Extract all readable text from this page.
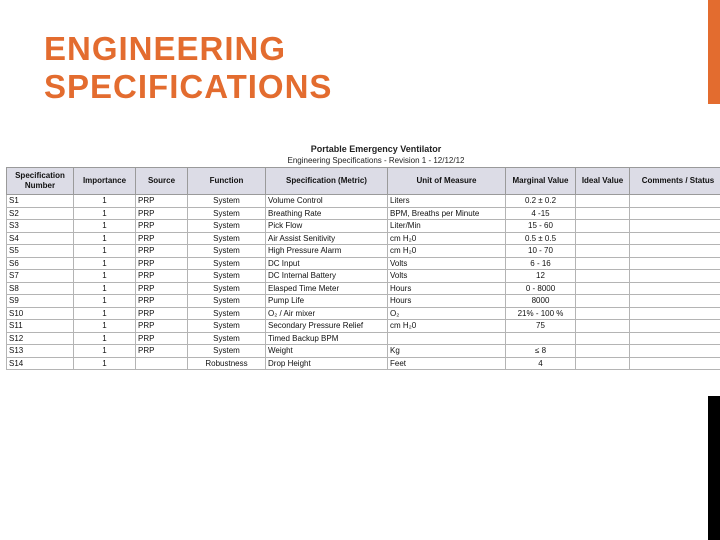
ENGINEERING
SPECIFICATIONS
Portable Emergency Ventilator
Engineering Specifications - Revision 1 - 12/12/12
Specification Number	Importance	Source	Function	Specification (Metric)	Unit of Measure	Marginal Value	Ideal Value	Comments / Status
S1	1	PRP	System	Volume Control	Liters	0.2 ± 0.2		
S2	1	PRP	System	Breathing Rate	BPM, Breaths per Minute	4 -15		
S3	1	PRP	System	Pick Flow	Liter/Min	15 - 60		
S4	1	PRP	System	Air Assist Senitivity	cm H₂0	0.5 ± 0.5		
S5	1	PRP	System	High Pressure Alarm	cm H₂0	10 - 70		
S6	1	PRP	System	DC Input	Volts	6 - 16		
S7	1	PRP	System	DC Internal Battery	Volts	12		
S8	1	PRP	System	Elasped Time Meter	Hours	0 - 8000		
S9	1	PRP	System	Pump Life	Hours	8000		
S10	1	PRP	System	O₂ / Air mixer	O₂	21% - 100 %		
S11	1	PRP	System	Secondary Pressure Relief	cm H₂0	75		
S12	1	PRP	System	Timed Backup BPM				
S13	1	PRP	System	Weight	Kg	≤ 8		
S14	1		Robustness	Drop Height	Feet	4		
